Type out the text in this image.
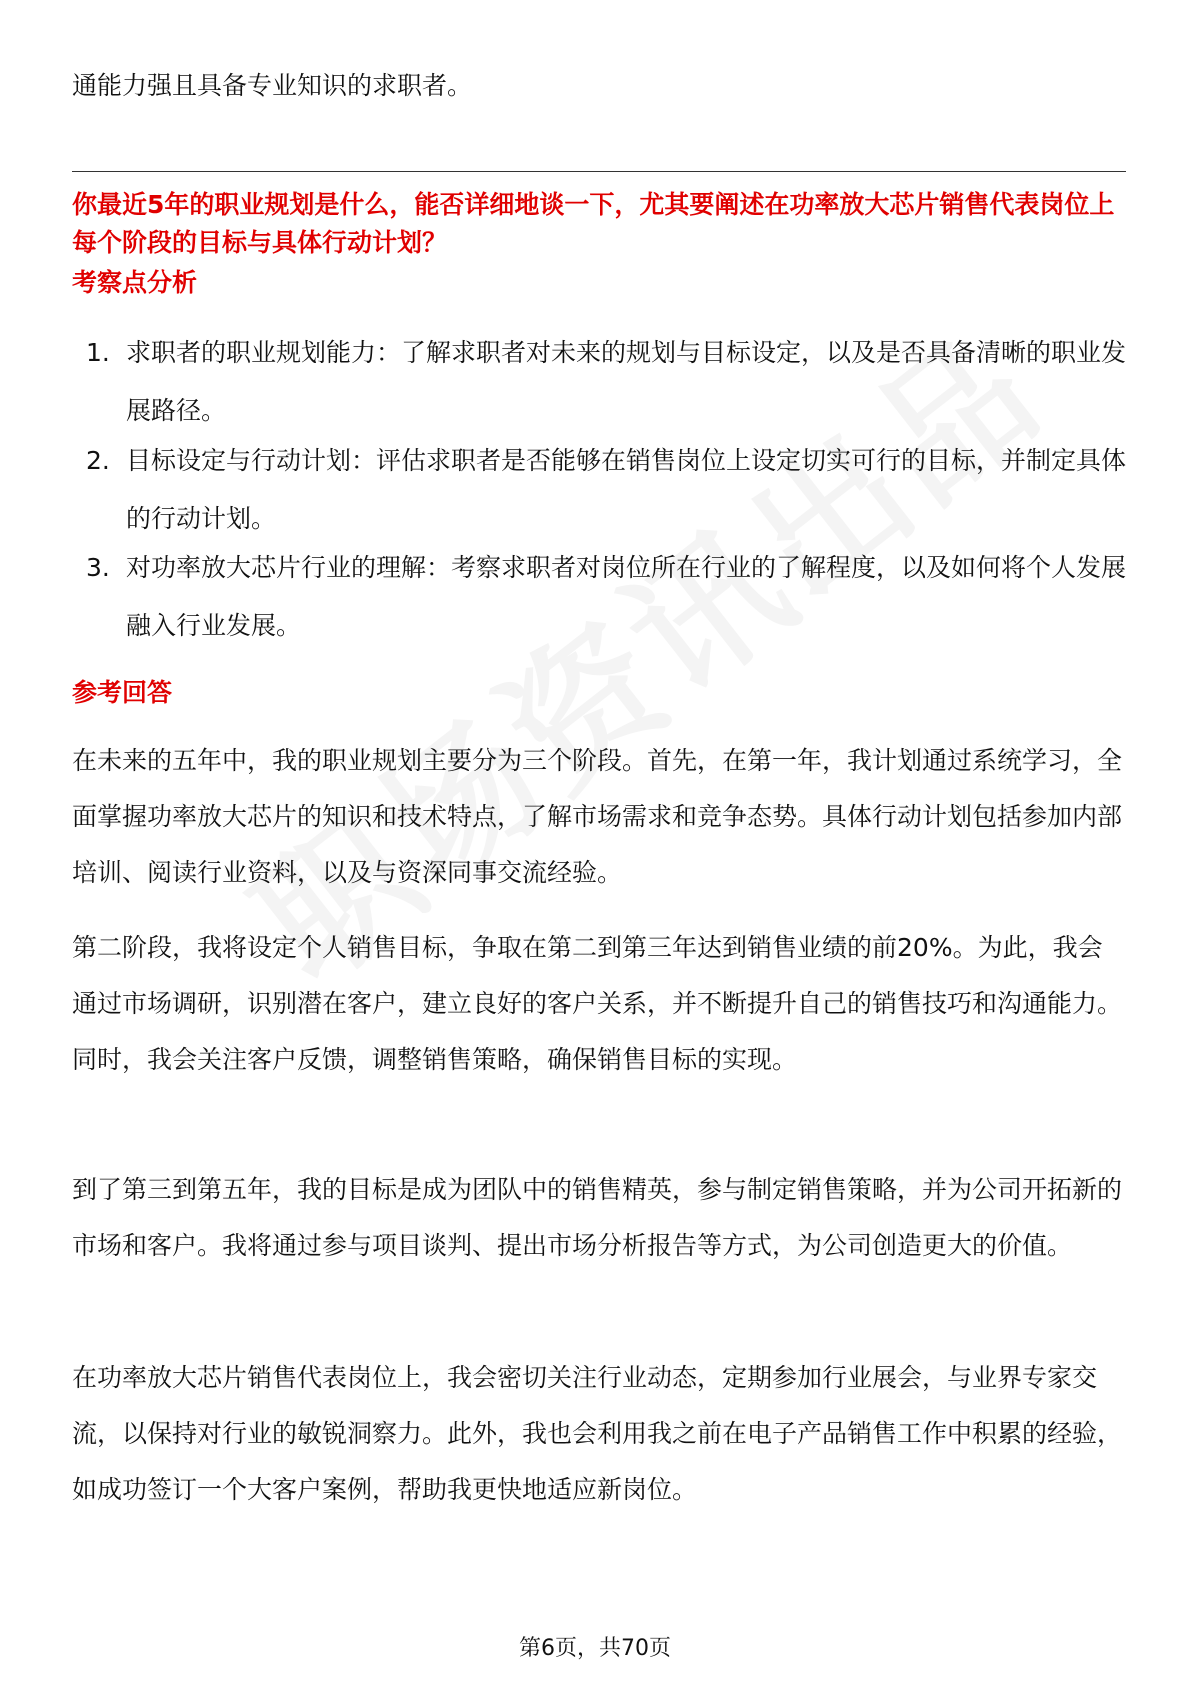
通能力强且具备专业知识的求职者。

你最近5年的职业规划是什么，能否详细地谈一下，尤其要阐述在功率放大芯片销售代表岗位上每个阶段的目标与具体行动计划？

考察点分析

1. 求职者的职业规划能力：了解求职者对未来的规划与目标设定，以及是否具备清晰的职业发展路径。
2. 目标设定与行动计划：评估求职者是否能够在销售岗位上设定切实可行的目标，并制定具体的行动计划。
3. 对功率放大芯片行业的理解：考察求职者对岗位所在行业的了解程度，以及如何将个人发展融入行业发展。

参考回答

在未来的五年中，我的职业规划主要分为三个阶段。首先，在第一年，我计划通过系统学习，全面掌握功率放大芯片的知识和技术特点，了解市场需求和竞争态势。具体行动计划包括参加内部培训、阅读行业资料，以及与资深同事交流经验。

第二阶段，我将设定个人销售目标，争取在第二到第三年达到销售业绩的前20%。为此，我会通过市场调研，识别潜在客户，建立良好的客户关系，并不断提升自己的销售技巧和沟通能力。同时，我会关注客户反馈，调整销售策略，确保销售目标的实现。

到了第三到第五年，我的目标是成为团队中的销售精英，参与制定销售策略，并为公司开拓新的市场和客户。我将通过参与项目谈判、提出市场分析报告等方式，为公司创造更大的价值。

在功率放大芯片销售代表岗位上，我会密切关注行业动态，定期参加行业展会，与业界专家交流，以保持对行业的敏锐洞察力。此外，我也会利用我之前在电子产品销售工作中积累的经验，如成功签订一个大客户案例，帮助我更快地适应新岗位。

第6页，共70页
